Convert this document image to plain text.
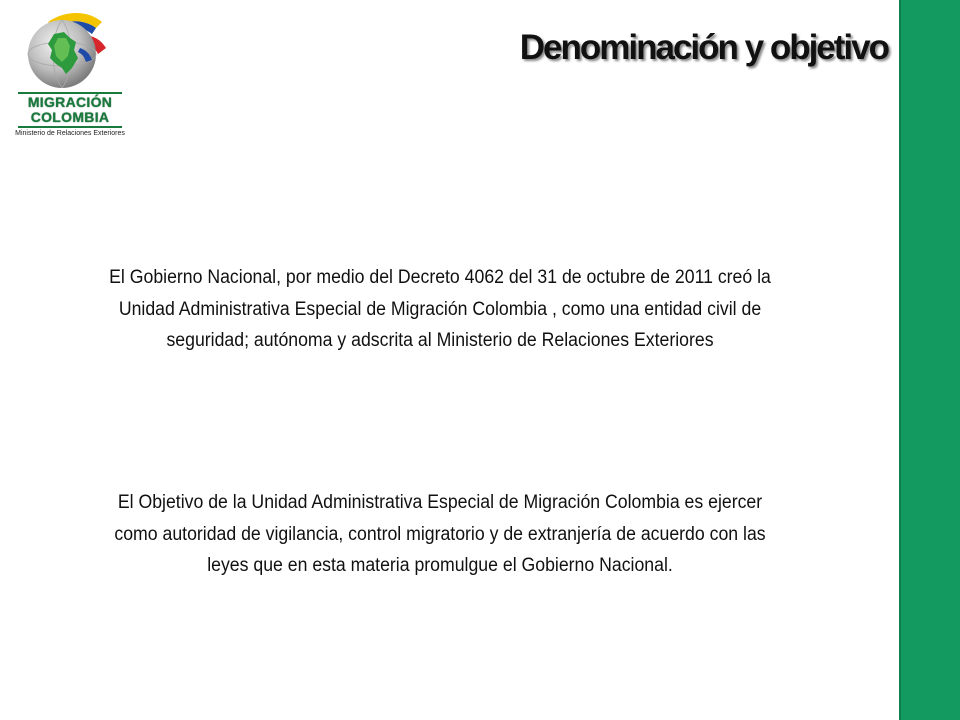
MIGRACIÓN
COLOMBIA
Ministerio de Relaciones Exteriores
Denominación y objetivo

El Gobierno Nacional, por medio del Decreto 4062 del 31 de octubre de 2011 creó la Unidad Administrativa Especial de Migración Colombia , como una entidad civil de seguridad; autónoma y adscrita al Ministerio de Relaciones Exteriores

El Objetivo de la Unidad Administrativa Especial de Migración Colombia es ejercer como autoridad de vigilancia, control migratorio y de extranjería de acuerdo con las leyes que en esta materia promulgue el Gobierno Nacional.
